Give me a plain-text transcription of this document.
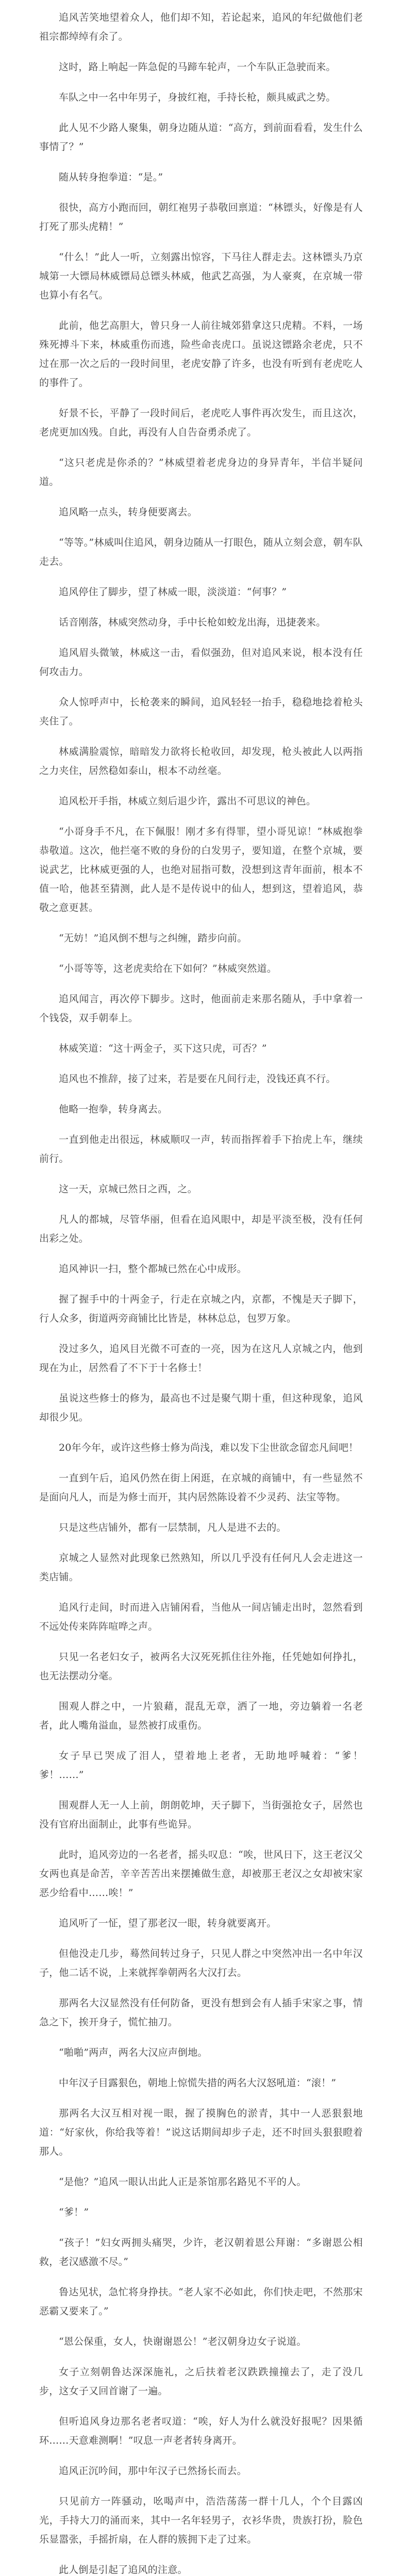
追风苦笑地望着众人，他们却不知，若论起来，追风的年纪做他们老祖宗都绰绰有余了。

这时，路上响起一阵急促的马蹄车轮声，一个车队正急驶而来。

车队之中一名中年男子，身披红袍，手持长枪，颇具威武之势。

此人见不少路人聚集，朝身边随从道：“高方，到前面看看，发生什么事情了？”

随从转身抱拳道：“是。”

很快，高方小跑而回，朝红袍男子恭敬回禀道：“林镖头，好像是有人打死了那头虎精！”

“什么！”此人一听，立刻露出惊容，下马往人群走去。这林镖头乃京城第一大镖局林威镖局总镖头林威，他武艺高强，为人豪爽，在京城一带也算小有名气。

此前，他艺高胆大，曾只身一人前往城郊猎拿这只虎精。不料，一场殊死搏斗下来，林威重伤而逃，险些命丧虎口。虽说这镖路余老虎，只不过在那一次之后的一段时间里，老虎安静了许多，也没有听到有老虎吃人的事件了。

好景不长，平静了一段时间后，老虎吃人事件再次发生，而且这次，老虎更加凶残。自此，再没有人自告奋勇杀虎了。

“这只老虎是你杀的？”林威望着老虎身边的身异青年，半信半疑问道。

追风略一点头，转身便要离去。

“等等。”林威叫住追风，朝身边随从一打眼色，随从立刻会意，朝车队走去。

追风停住了脚步，望了林威一眼，淡淡道：“何事？”

话音刚落，林威突然动身，手中长枪如蛟龙出海，迅捷袭来。

追风眉头微皱，林威这一击，看似强劲，但对追风来说，根本没有任何攻击力。

众人惊呼声中，长枪袭来的瞬间，追风轻轻一抬手，稳稳地捻着枪头夹住了。

林威满脸震惊，暗暗发力欲将长枪收回，却发现，枪头被此人以两指之力夹住，居然稳如泰山，根本不动丝毫。

追风松开手指，林威立刻后退少许，露出不可思议的神色。

“小哥身手不凡，在下佩服！刚才多有得罪，望小哥见谅！”林威抱拳恭敬道。这次，他拦毫不败的身份的白发男子，要知道，在整个京城，要说武艺，比林威更强的人，也绝对屈指可数，没想到这青年面前，根本不值一哈，他甚至猜测，此人是不是传说中的仙人，想到这，望着追风，恭敬之意更甚。

“无妨！”追风倒不想与之纠缠，踏步向前。

“小哥等等，这老虎卖给在下如何？”林威突然道。

追风闻言，再次停下脚步。这时，他面前走来那名随从，手中拿着一个钱袋，双手朝奉上。

林威笑道：“这十两金子，买下这只虎，可否？”

追风也不推辞，接了过来，若是要在凡间行走，没钱还真不行。

他略一抱拳，转身离去。

一直到他走出很远，林威顺叹一声，转而指挥着手下抬虎上车，继续前行。

这一天，京城已然日之西，之。

凡人的都城，尽管华丽，但看在追风眼中，却是平淡至极，没有任何出彩之处。

追风神识一扫，整个都城已然在心中成形。

握了握手中的十两金子，行走在京城之内，京都，不愧是天子脚下，行人众多，街道两旁商铺比比皆是，林林总总，包罗万象。

没过多久，追风目光微不可查的一亮，因为在这凡人京城之内，他到现在为止，居然看了不下于十名修士！

虽说这些修士的修为，最高也不过是聚气期十重，但这种现象，追风却很少见。

20年今年，或许这些修士修为尚浅，难以发下尘世欲念留恋凡间吧！

一直到午后，追风仍然在街上闲逛，在京城的商铺中，有一些显然不是面向凡人，而是为修士而开，其内居然陈设着不少灵药、法宝等物。

只是这些店铺外，都有一层禁制，凡人是进不去的。

京城之人显然对此现象已然熟知，所以几乎没有任何凡人会走进这一类店铺。

追风行走间，时而进入店铺闲看，当他从一间店铺走出时，忽然看到不远处传来阵阵喧哗之声。

只见一名老妇女子，被两名大汉死死抓住往外拖，任凭她如何挣扎，也无法摆动分毫。

围观人群之中，一片狼藉，混乱无章，洒了一地，旁边躺着一名老者，此人嘴角溢血，显然被打成重伤。

女子早已哭成了泪人，望着地上老者，无助地呼喊着：“爹！爹！……”

围观群人无一人上前，朗朗乾坤，天子脚下，当街强抢女子，居然也没有官府出面制止，此事有些诡异。

此时，追风旁边的一名老者，摇头叹息：“唉，世风日下，这王老汉父女两也真是命苦，辛辛苦苦出来摆摊做生意，却被那王老汉之女却被宋家恶少给看中……唉！”

追风听了一怔，望了那老汉一眼，转身就要离开。

但他没走几步，蓦然间转过身子，只见人群之中突然冲出一名中年汉子，他二话不说，上来就挥拳朝两名大汉打去。

那两名大汉显然没有任何防备，更没有想到会有人插手宋家之事，情急之下，挨开身子，慌忙抽刀。

“啪啪”两声，两名大汉应声倒地。

中年汉子目露狠色，朝地上惊慌失措的两名大汉怒吼道：“滚！”

那两名大汉互相对视一眼，握了摸胸色的淤青，其中一人恶狠狠地道：“好家伙，你给我等着！”说这话期间却步子走，还不时回头狠狠瞪着那人。

“是他？”追风一眼认出此人正是茶馆那名路见不平的人。

“爹！”

“孩子！”妇女两拥头痛哭，少许，老汉朝着恩公拜谢：“多谢恩公相救，老汉感激不尽。”

鲁达见状，急忙将身挣扶。“老人家不必如此，你们快走吧，不然那宋恶霸又要来了。”

“恩公保重，女人，快谢谢恩公！”老汉朝身边女子说道。

女子立刻朝鲁达深深施礼，之后扶着老汉跌跌撞撞去了，走了没几步，这女子又回首谢了一遍。

但听追风身边那名老者叹道：“唉，好人为什么就没好报呢？因果循环……天意难测啊！”叹息一声老者转身离开。

追风正沉吟间，那中年汉子已然扬长而去。

只见前方一阵骚动，吆喝声中，浩浩荡荡一群十几人，个个目露凶光，手持大刀的涌而来，其中一名年轻男子，衣衫华贵，贵族打扮，脸色乐显嚣张，手摇折扇，在人群的簇拥下走了过来。

此人倒是引起了追风的注意。
